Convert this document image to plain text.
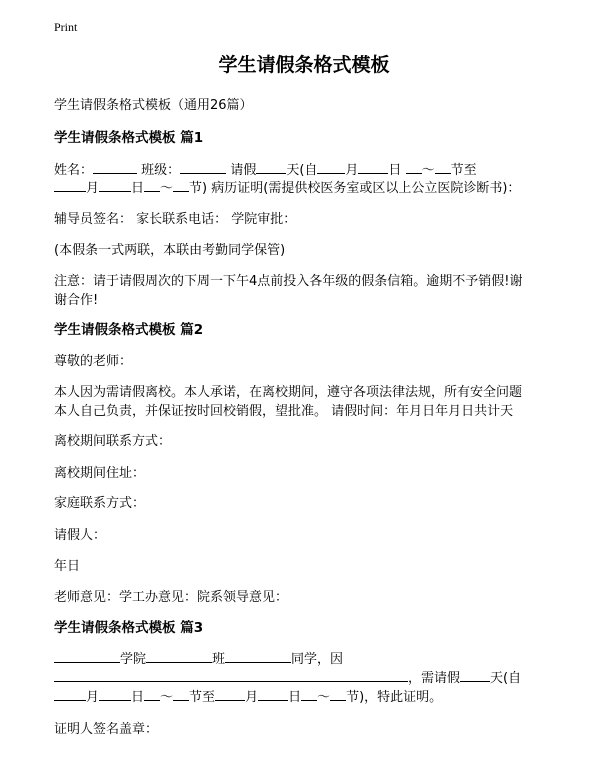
Print
学生请假条格式模板
学生请假条格式模板（通用26篇）
学生请假条格式模板 篇1
姓名：	班级：	请假 天(自 月 日 ～ 节至
月 日 ～ 节) 病历证明(需提供校医务室或区以上公立医院诊断书)：
辅导员签名： 家长联系电话： 学院审批：
(本假条一式两联，本联由考勤同学保管)
注意：请于请假周次的下周一下午4点前投入各年级的假条信箱。逾期不予销假!谢
谢合作!
学生请假条格式模板 篇2
尊敬的老师：
本人因为需请假离校。本人承诺，在离校期间，遵守各项法律法规，所有安全问题
本人自己负责，并保证按时回校销假，望批准。 请假时间：年月日年月日共计天
离校期间联系方式：
离校期间住址：
家庭联系方式：
请假人：
年日
老师意见：学工办意见：院系领导意见：
学生请假条格式模板 篇3
学院	班	同学，因
，需请假 天(自
月 日 ～ 节至 月 日 ～ 节)，特此证明。
证明人签名盖章：
